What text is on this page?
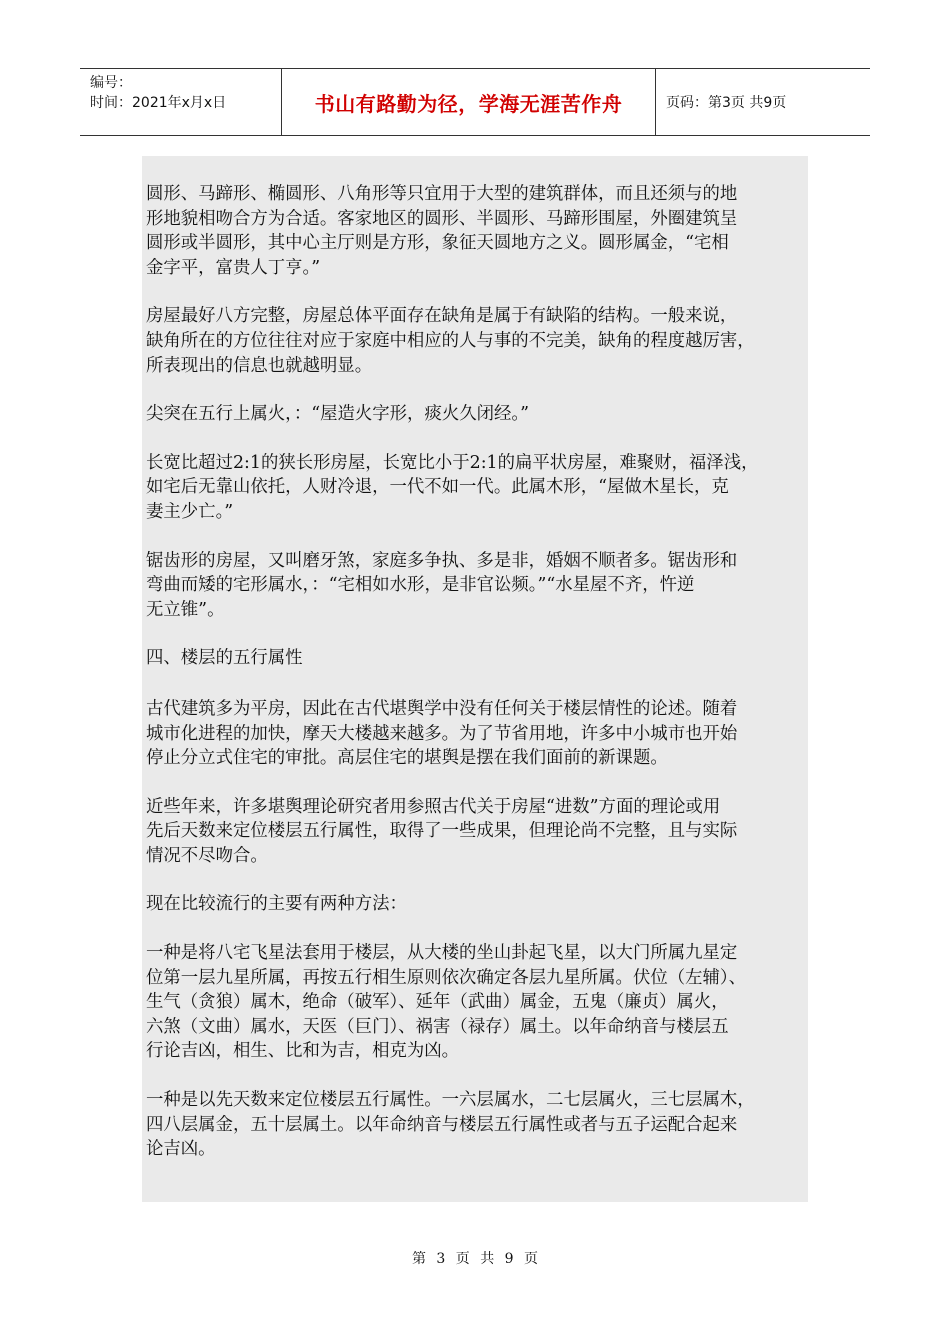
编号：
时间：2021年x月x日	书山有路勤为径，学海无涯苦作舟	页码：第3页 共9页

圆形、马蹄形、椭圆形、八角形等只宜用于大型的建筑群体，而且还须与的地
形地貌相吻合方为合适。客家地区的圆形、半圆形、马蹄形围屋，外圈建筑呈
圆形或半圆形，其中心主厅则是方形，象征天圆地方之义。圆形属金，“宅相
金字平，富贵人丁亨。”

房屋最好八方完整，房屋总体平面存在缺角是属于有缺陷的结构。一般来说，
缺角所在的方位往往对应于家庭中相应的人与事的不完美，缺角的程度越厉害，
所表现出的信息也就越明显。

尖突在五行上属火，：“屋造火字形，痰火久闭经。”

长宽比超过2:1的狭长形房屋，长宽比小于2:1的扁平状房屋，难聚财，福泽浅，
如宅后无靠山依托，人财冷退，一代不如一代。此属木形，“屋做木星长，克
妻主少亡。”

锯齿形的房屋，又叫磨牙煞，家庭多争执、多是非，婚姻不顺者多。锯齿形和
弯曲而矮的宅形属水，：“宅相如水形，是非官讼频。”“水星屋不齐，忤逆
无立锥”。

四、楼层的五行属性

古代建筑多为平房，因此在古代堪舆学中没有任何关于楼层情性的论述。随着
城市化进程的加快，摩天大楼越来越多。为了节省用地，许多中小城市也开始
停止分立式住宅的审批。高层住宅的堪舆是摆在我们面前的新课题。

近些年来，许多堪舆理论研究者用参照古代关于房屋“进数”方面的理论或用
先后天数来定位楼层五行属性，取得了一些成果，但理论尚不完整，且与实际
情况不尽吻合。

现在比较流行的主要有两种方法：

一种是将八宅飞星法套用于楼层，从大楼的坐山卦起飞星，以大门所属九星定
位第一层九星所属，再按五行相生原则依次确定各层九星所属。伏位（左辅）、
生气（贪狼）属木，绝命（破军）、延年（武曲）属金，五鬼（廉贞）属火，
六煞（文曲）属水，天医（巨门）、祸害（禄存）属土。以年命纳音与楼层五
行论吉凶，相生、比和为吉，相克为凶。

一种是以先天数来定位楼层五行属性。一六层属水，二七层属火，三七层属木，
四八层属金，五十层属土。以年命纳音与楼层五行属性或者与五子运配合起来
论吉凶。

第 3 页 共 9 页
